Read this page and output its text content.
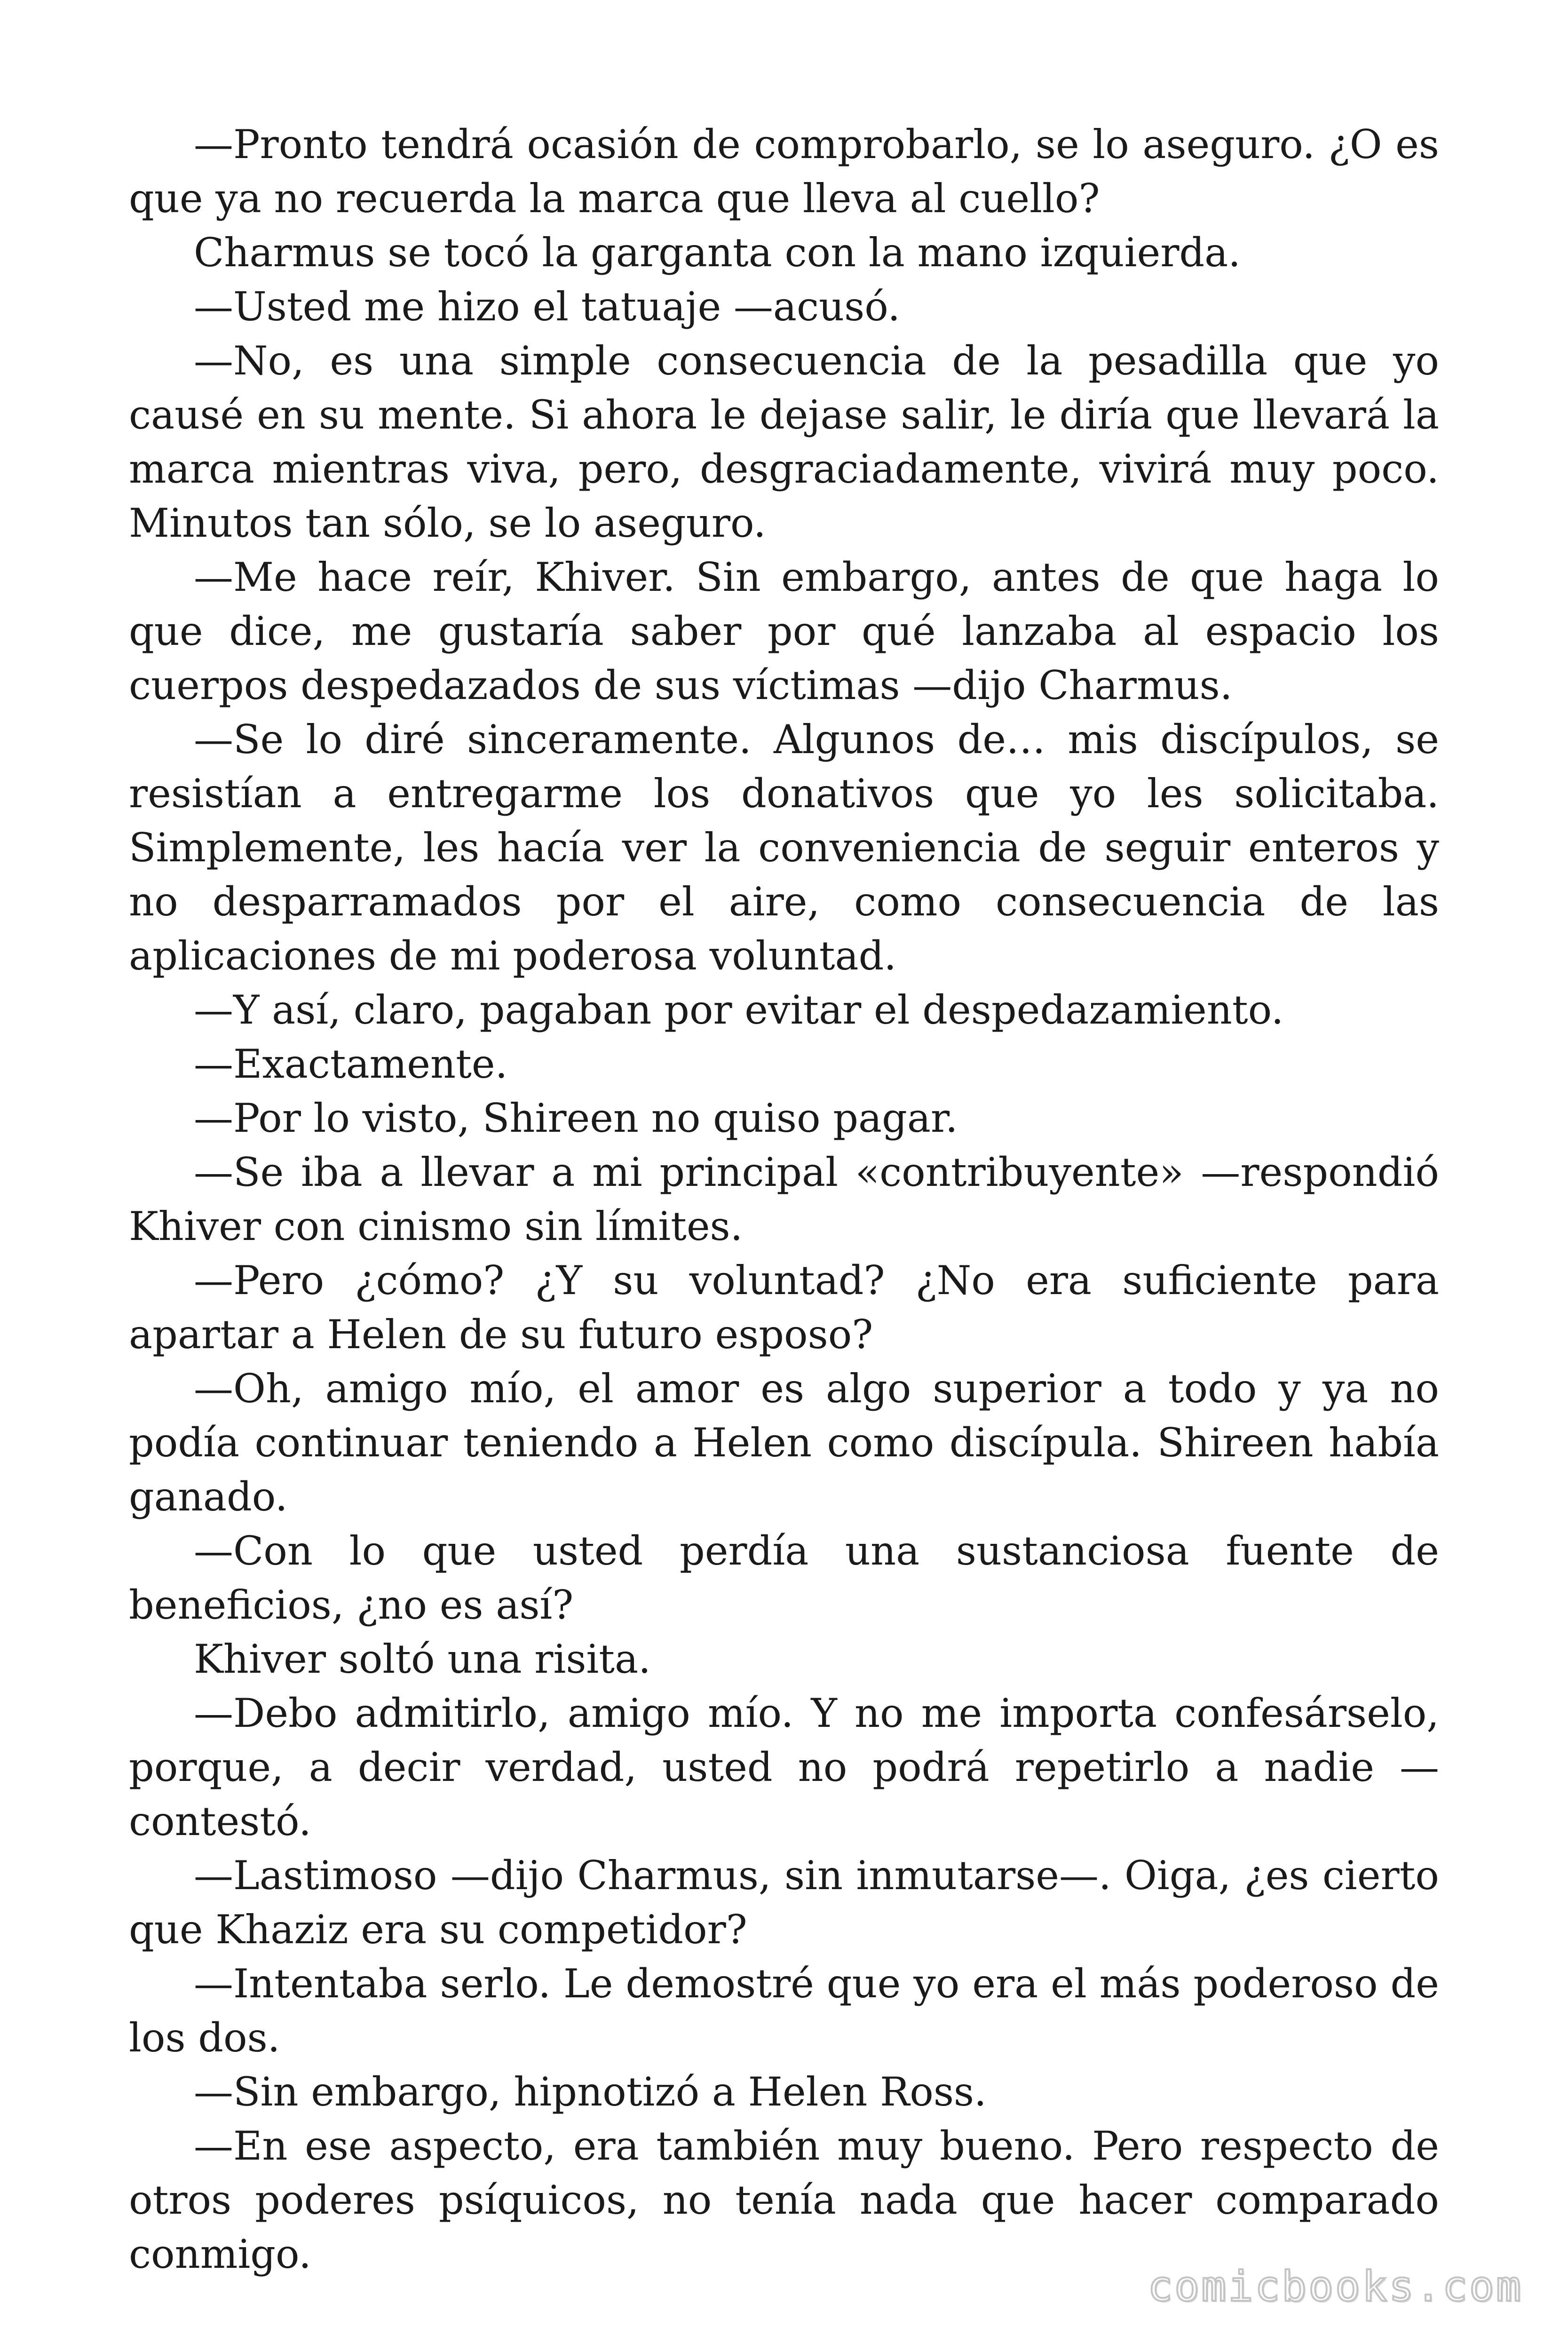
—Pronto tendrá ocasión de comprobarlo, se lo aseguro. ¿O es que ya no recuerda la marca que lleva al cuello?

Charmus se tocó la garganta con la mano izquierda.

—Usted me hizo el tatuaje —acusó.

—No, es una simple consecuencia de la pesadilla que yo causé en su mente. Si ahora le dejase salir, le diría que llevará la marca mientras viva, pero, desgraciadamente, vivirá muy poco. Minutos tan sólo, se lo aseguro.

—Me hace reír, Khiver. Sin embargo, antes de que haga lo que dice, me gustaría saber por qué lanzaba al espacio los cuerpos despedazados de sus víctimas —dijo Charmus.

—Se lo diré sinceramente. Algunos de… mis discípulos, se resistían a entregarme los donativos que yo les solicitaba. Simplemente, les hacía ver la conveniencia de seguir enteros y no desparramados por el aire, como consecuencia de las aplicaciones de mi poderosa voluntad.

—Y así, claro, pagaban por evitar el despedazamiento.

—Exactamente.

—Por lo visto, Shireen no quiso pagar.

—Se iba a llevar a mi principal «contribuyente» —respondió Khiver con cinismo sin límites.

—Pero ¿cómo? ¿Y su voluntad? ¿No era suficiente para apartar a Helen de su futuro esposo?

—Oh, amigo mío, el amor es algo superior a todo y ya no podía continuar teniendo a Helen como discípula. Shireen había ganado.

—Con lo que usted perdía una sustanciosa fuente de beneficios, ¿no es así?

Khiver soltó una risita.

—Debo admitirlo, amigo mío. Y no me importa confesárselo, porque, a decir verdad, usted no podrá repetirlo a nadie —contestó.

—Lastimoso —dijo Charmus, sin inmutarse—. Oiga, ¿es cierto que Khaziz era su competidor?

—Intentaba serlo. Le demostré que yo era el más poderoso de los dos.

—Sin embargo, hipnotizó a Helen Ross.

—En ese aspecto, era también muy bueno. Pero respecto de otros poderes psíquicos, no tenía nada que hacer comparado conmigo.

comicbooks.com
